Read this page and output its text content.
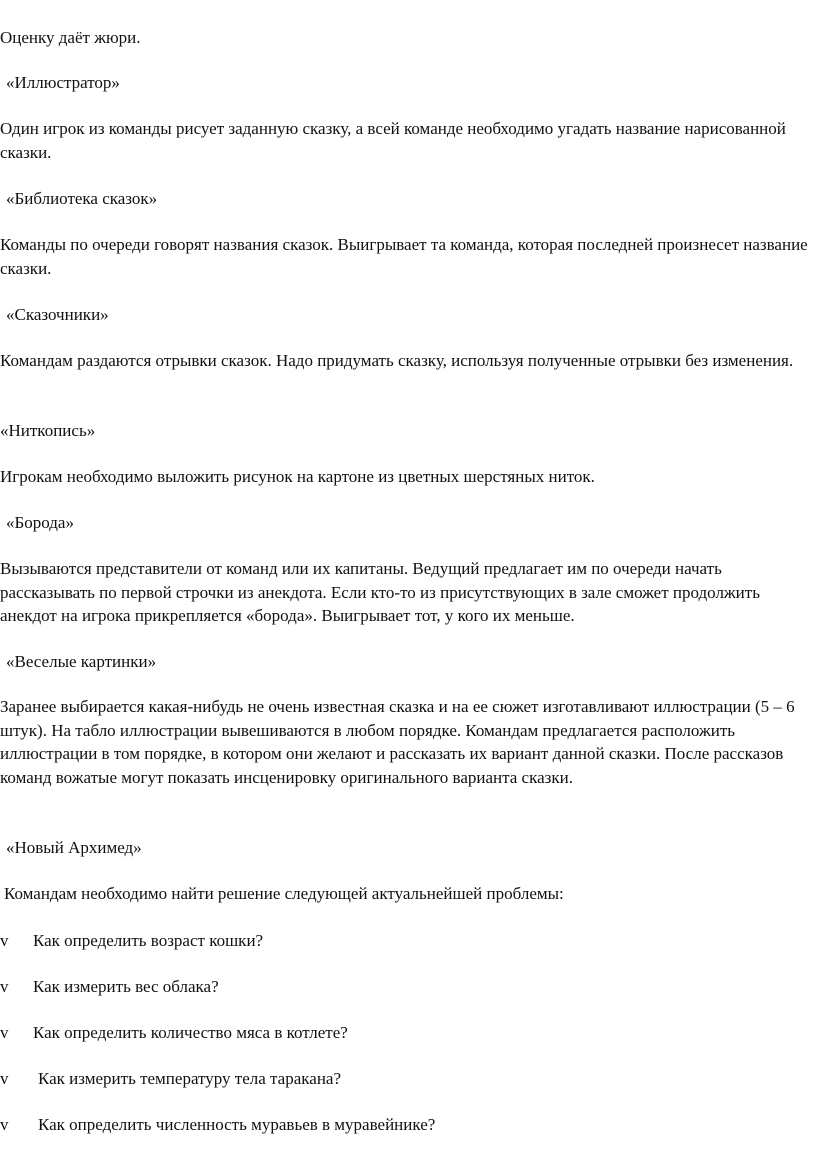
Оценку даёт жюри.

«Иллюстратор»

Один игрок из команды рисует заданную сказку, а всей команде необходимо угадать название нарисованной сказки.

«Библиотека сказок»

Команды по очереди говорят названия сказок. Выигрывает та команда, которая последней произнесет название сказки.

«Сказочники»

Командам раздаются отрывки сказок. Надо придумать сказку, используя полученные отрывки без изменения.

«Ниткопись»

Игрокам необходимо выложить рисунок на картоне из цветных шерстяных ниток.

«Борода»

Вызываются представители от команд или их капитаны. Ведущий предлагает им по очереди начать рассказывать по первой строчки из анекдота. Если кто-то из присутствующих в зале сможет продолжить анекдот на игрока прикрепляется «борода». Выигрывает тот, у кого их меньше.

«Веселые картинки»

Заранее выбирается какая-нибудь не очень известная сказка и на ее сюжет изготавливают иллюстрации (5 – 6 штук). На табло иллюстрации вывешиваются в любом порядке. Командам предлагается расположить иллюстрации в том порядке, в котором они желают и рассказать их вариант данной сказки. После рассказов команд вожатые могут показать инсценировку оригинального варианта сказки.

«Новый Архимед»

Командам необходимо найти решение следующей актуальнейшей проблемы:

v Как определить возраст кошки?
v Как измерить вес облака?
v Как определить количество мяса в котлете?
v Как измерить температуру тела таракана?
v Как определить численность муравьев в муравейнике?
